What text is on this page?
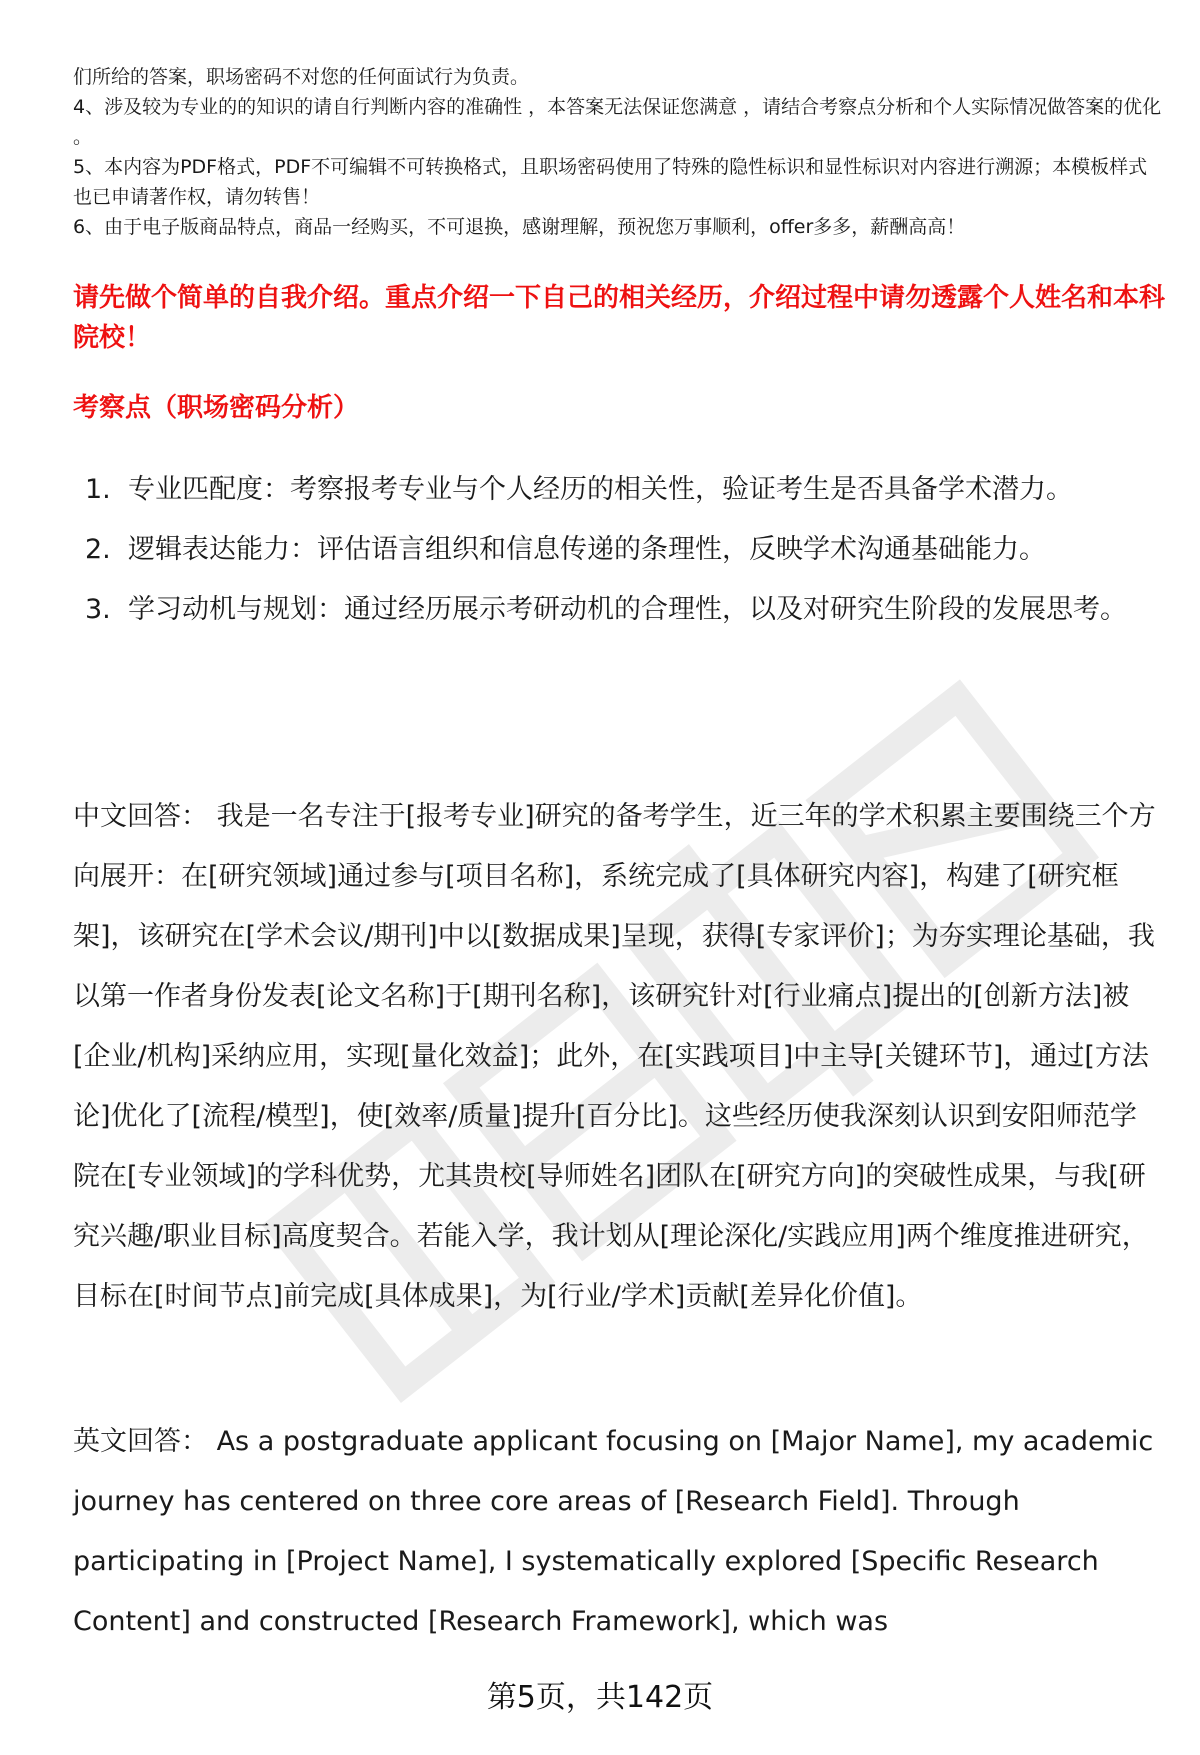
们所给的答案，职场密码不对您的任何面试行为负责。

4、涉及较为专业的的知识的请自行判断内容的准确性 ，本答案无法保证您满意 ，请结合考察点分析和个人实际情况做答案的优化 。

5、本内容为PDF格式，PDF不可编辑不可转换格式，且职场密码使用了特殊的隐性标识和显性标识对内容进行溯源；本模板样式也已申请著作权，请勿转售！

6、由于电子版商品特点，商品一经购买，不可退换，感谢理解，预祝您万事顺利，offer多多，薪酬高高！

请先做个简单的自我介绍。重点介绍一下自己的相关经历，介绍过程中请勿透露个人姓名和本科院校！
考察点（职场密码分析）
1. 专业匹配度：考察报考专业与个人经历的相关性，验证考生是否具备学术潜力。
2. 逻辑表达能力：评估语言组织和信息传递的条理性，反映学术沟通基础能力。
3. 学习动机与规划：通过经历展示考研动机的合理性，以及对研究生阶段的发展思考。

中文回答： 我是一名专注于[报考专业]研究的备考学生，近三年的学术积累主要围绕三个方向展开：在[研究领域]通过参与[项目名称]，系统完成了[具体研究内容]，构建了[研究框架]，该研究在[学术会议/期刊]中以[数据成果]呈现，获得[专家评价]；为夯实理论基础，我以第一作者身份发表[论文名称]于[期刊名称]，该研究针对[行业痛点]提出的[创新方法]被[企业/机构]采纳应用，实现[量化效益]；此外，在[实践项目]中主导[关键环节]，通过[方法论]优化了[流程/模型]，使[效率/质量]提升[百分比]。这些经历使我深刻认识到安阳师范学院在[专业领域]的学科优势，尤其贵校[导师姓名]团队在[研究方向]的突破性成果，与我[研究兴趣/职业目标]高度契合。若能入学，我计划从[理论深化/实践应用]两个维度推进研究，目标在[时间节点]前完成[具体成果]，为[行业/学术]贡献[差异化价值]。

英文回答： As a postgraduate applicant focusing on [Major Name], my academic journey has centered on three core areas of [Research Field]. Through participating in [Project Name], I systematically explored [Specific Research Content] and constructed [Research Framework], which was

第5页，共142页
